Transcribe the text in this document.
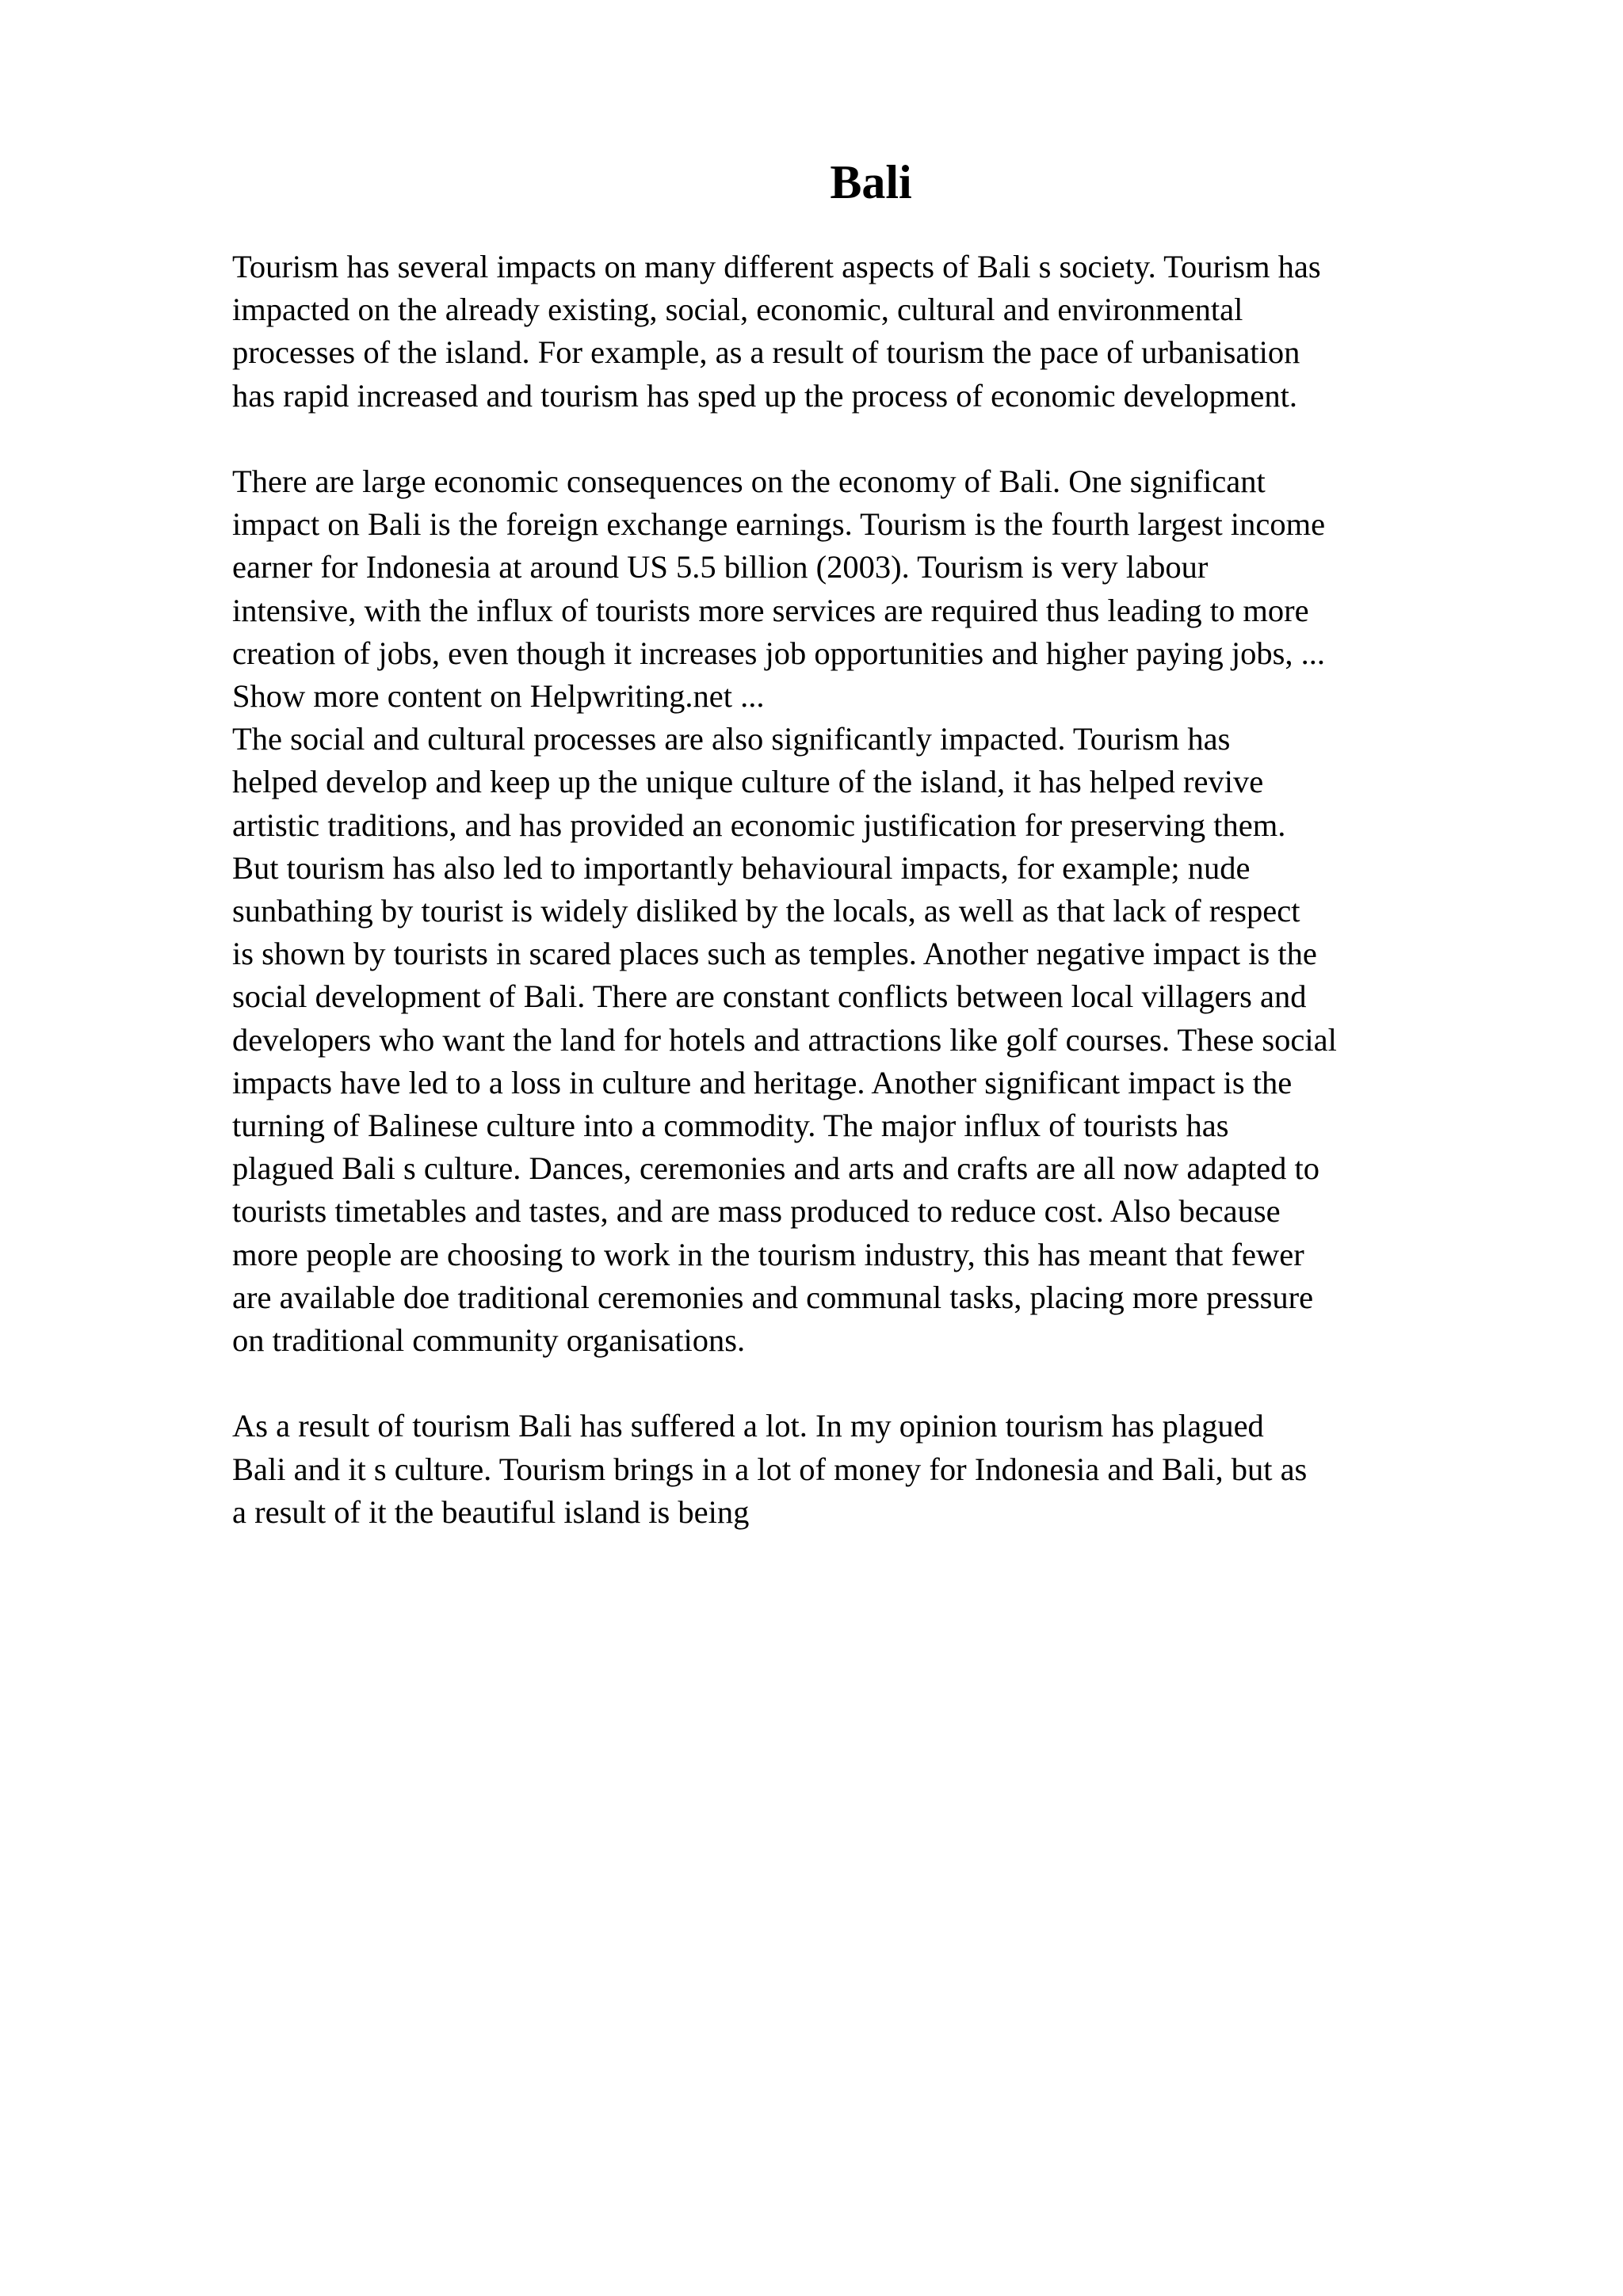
Bali

Tourism has several impacts on many different aspects of Bali s society. Tourism has
impacted on the already existing, social, economic, cultural and environmental
processes of the island. For example, as a result of tourism the pace of urbanisation
has rapid increased and tourism has sped up the process of economic development.

There are large economic consequences on the economy of Bali. One significant
impact on Bali is the foreign exchange earnings. Tourism is the fourth largest income
earner for Indonesia at around US 5.5 billion (2003). Tourism is very labour
intensive, with the influx of tourists more services are required thus leading to more
creation of jobs, even though it increases job opportunities and higher paying jobs, ...
Show more content on Helpwriting.net ...
The social and cultural processes are also significantly impacted. Tourism has
helped develop and keep up the unique culture of the island, it has helped revive
artistic traditions, and has provided an economic justification for preserving them.
But tourism has also led to importantly behavioural impacts, for example; nude
sunbathing by tourist is widely disliked by the locals, as well as that lack of respect
is shown by tourists in scared places such as temples. Another negative impact is the
social development of Bali. There are constant conflicts between local villagers and
developers who want the land for hotels and attractions like golf courses. These social
impacts have led to a loss in culture and heritage. Another significant impact is the
turning of Balinese culture into a commodity. The major influx of tourists has
plagued Bali s culture. Dances, ceremonies and arts and crafts are all now adapted to
tourists timetables and tastes, and are mass produced to reduce cost. Also because
more people are choosing to work in the tourism industry, this has meant that fewer
are available doe traditional ceremonies and communal tasks, placing more pressure
on traditional community organisations.

As a result of tourism Bali has suffered a lot. In my opinion tourism has plagued
Bali and it s culture. Tourism brings in a lot of money for Indonesia and Bali, but as
a result of it the beautiful island is being
